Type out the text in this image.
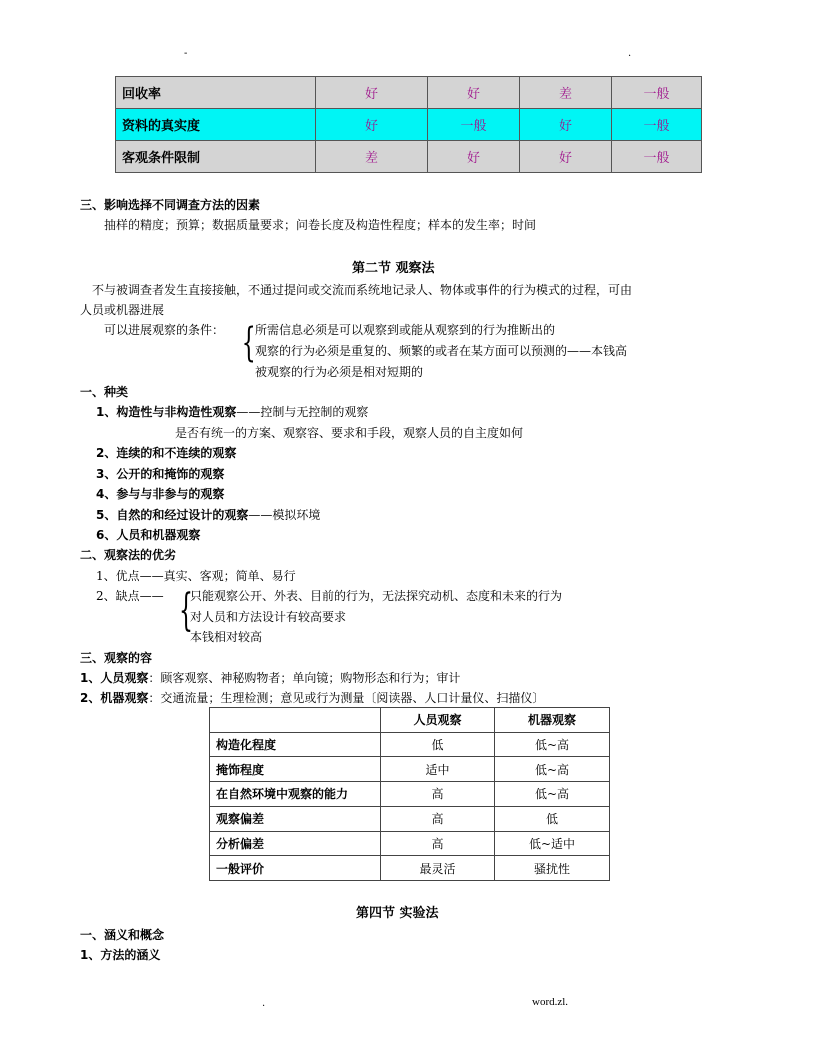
-	.
回收率	好	好	差	一般
资料的真实度	好	一般	好	一般
客观条件限制	差	好	好	一般
三、影响选择不同调查方法的因素
抽样的精度；预算；数据质量要求；问卷长度及构造性程度；样本的发生率；时间
第二节 观察法
不与被调查者发生直接接触，不通过提问或交流而系统地记录人、物体或事件的行为模式的过程，可由
人员或机器进展
可以进展观察的条件： { 所需信息必须是可以观察到或能从观察到的行为推断出的
观察的行为必须是重复的、频繁的或者在某方面可以预测的——本钱高
被观察的行为必须是相对短期的
一、种类
1、构造性与非构造性观察——控制与无控制的观察
是否有统一的方案、观察容、要求和手段，观察人员的自主度如何
2、连续的和不连续的观察
3、公开的和掩饰的观察
4、参与与非参与的观察
5、自然的和经过设计的观察——模拟环境
6、人员和机器观察
二、观察法的优劣
1、优点——真实、客观；简单、易行
2、缺点—— {
只能观察公开、外表、目前的行为，无法探究动机、态度和未来的行为
对人员和方法设计有较高要求
本钱相对较高
三、观察的容
1、人员观察：顾客观察、神秘购物者；单向镜；购物形态和行为；审计
2、机器观察：交通流量；生理检测；意见或行为测量〔阅读器、人口计量仪、扫描仪〕
	人员观察	机器观察
构造化程度	低	低~高
掩饰程度	适中	低~高
在自然环境中观察的能力	高	低~高
观察偏差	高	低
分析偏差	高	低~适中
一般评价	最灵活	骚扰性
第四节 实验法
一、涵义和概念
1、方法的涵义
.	word.zl.
